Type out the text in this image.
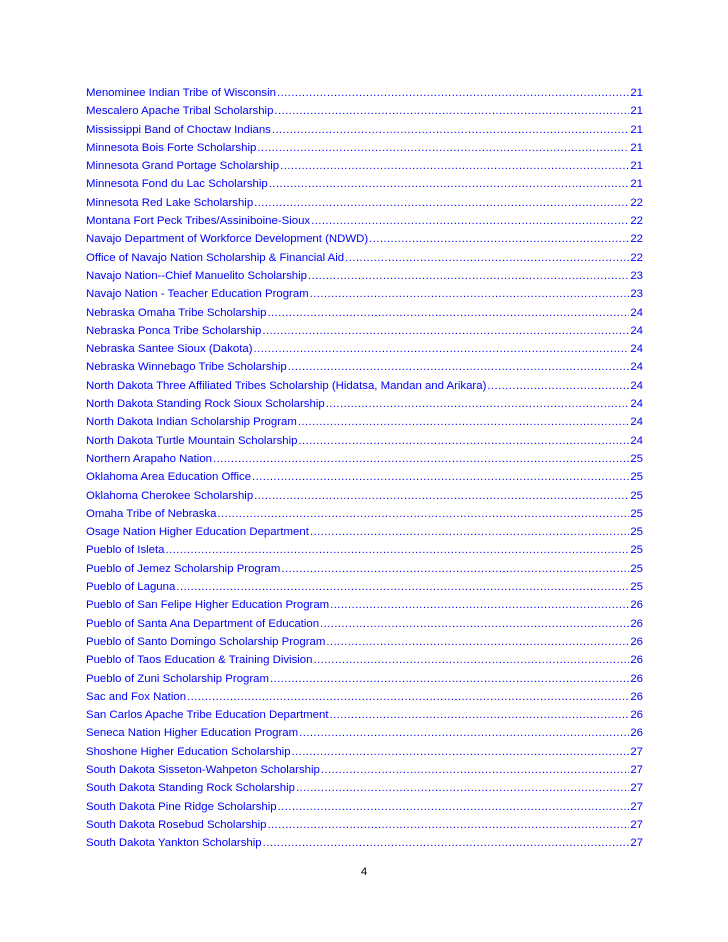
Menominee Indian Tribe of Wisconsin .....	21
Mescalero Apache Tribal Scholarship .....	21
Mississippi Band of Choctaw Indians .....	21
Minnesota Bois Forte Scholarship .....	21
Minnesota Grand Portage Scholarship .....	21
Minnesota Fond du Lac Scholarship .....	21
Minnesota Red Lake Scholarship .....	22
Montana Fort Peck Tribes/Assiniboine-Sioux .....	22
Navajo Department of Workforce Development (NDWD) .....	22
Office of Navajo Nation Scholarship & Financial Aid .....	22
Navajo Nation--Chief Manuelito Scholarship .....	23
Navajo Nation - Teacher Education Program .....	23
Nebraska Omaha Tribe Scholarship .....	24
Nebraska Ponca Tribe Scholarship .....	24
Nebraska Santee Sioux (Dakota) .....	24
Nebraska Winnebago Tribe Scholarship .....	24
North Dakota Three Affiliated Tribes Scholarship (Hidatsa, Mandan and Arikara) .....	24
North Dakota Standing Rock Sioux Scholarship .....	24
North Dakota Indian Scholarship Program .....	24
North Dakota Turtle Mountain Scholarship .....	24
Northern Arapaho Nation .....	25
Oklahoma Area Education Office .....	25
Oklahoma Cherokee Scholarship .....	25
Omaha Tribe of Nebraska .....	25
Osage Nation Higher Education Department .....	25
Pueblo of Isleta .....	25
Pueblo of Jemez Scholarship Program .....	25
Pueblo of Laguna .....	25
Pueblo of San Felipe Higher Education Program .....	26
Pueblo of Santa Ana Department of Education .....	26
Pueblo of Santo Domingo Scholarship Program .....	26
Pueblo of Taos Education & Training Division .....	26
Pueblo of Zuni Scholarship Program .....	26
Sac and Fox Nation .....	26
San Carlos Apache Tribe Education Department .....	26
Seneca Nation Higher Education Program .....	26
Shoshone Higher Education Scholarship .....	27
South Dakota Sisseton-Wahpeton Scholarship .....	27
South Dakota Standing Rock Scholarship .....	27
South Dakota Pine Ridge Scholarship .....	27
South Dakota Rosebud Scholarship .....	27
South Dakota Yankton Scholarship .....	27
4
